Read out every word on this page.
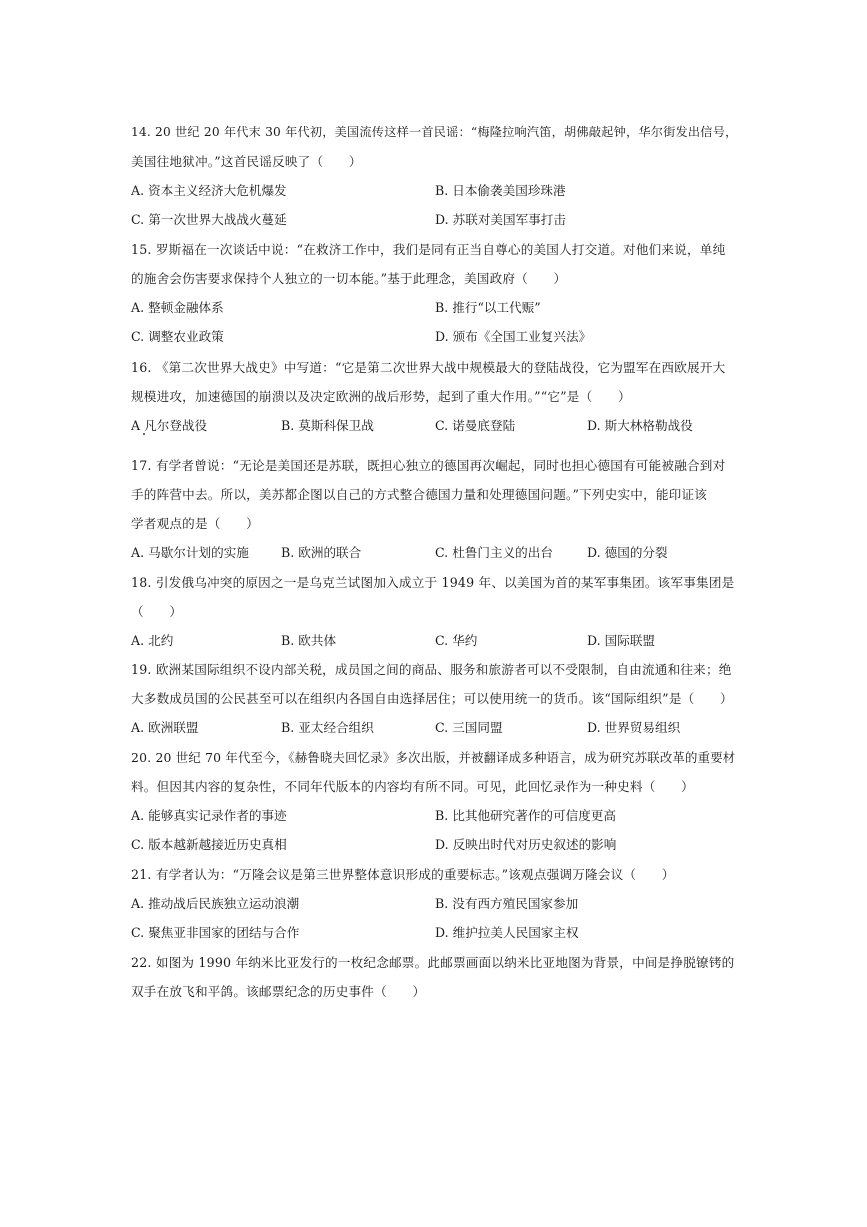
14. 20 世纪 20 年代末 30 年代初，美国流传这样一首民谣：“梅隆拉响汽笛，胡佛敲起钟，华尔街发出信号，
美国往地狱冲。”这首民谣反映了（　　）
A. 资本主义经济大危机爆发	B. 日本偷袭美国珍珠港
C. 第一次世界大战战火蔓延	D. 苏联对美国军事打击
15. 罗斯福在一次谈话中说：“在救济工作中，我们是同有正当自尊心的美国人打交道。对他们来说，单纯
的施舍会伤害要求保持个人独立的一切本能。”基于此理念，美国政府（　　）
A. 整顿金融体系	B. 推行“以工代赈”
C. 调整农业政策	D. 颁布《全国工业复兴法》
16. 《第二次世界大战史》中写道：“它是第二次世界大战中规模最大的登陆战役，它为盟军在西欧展开大
规模进攻，加速德国的崩溃以及决定欧洲的战后形势，起到了重大作用。”“它”是（　　）
A 凡尔登战役	B. 莫斯科保卫战	C. 诺曼底登陆	D. 斯大林格勒战役
17. 有学者曾说：“无论是美国还是苏联，既担心独立的德国再次崛起，同时也担心德国有可能被融合到对
手的阵营中去。所以，美苏都企图以自己的方式整合德国力量和处理德国问题。”下列史实中，能印证该
学者观点的是（　　）
A. 马歇尔计划的实施	B. 欧洲的联合	C. 杜鲁门主义的出台	D. 德国的分裂
18. 引发俄乌冲突的原因之一是乌克兰试图加入成立于 1949 年、以美国为首的某军事集团。该军事集团是
（　　）
A. 北约	B. 欧共体	C. 华约	D. 国际联盟
19. 欧洲某国际组织不设内部关税，成员国之间的商品、服务和旅游者可以不受限制，自由流通和往来；绝
大多数成员国的公民甚至可以在组织内各国自由选择居住；可以使用统一的货币。该“国际组织”是（　　）
A. 欧洲联盟	B. 亚太经合组织	C. 三国同盟	D. 世界贸易组织
20. 20 世纪 70 年代至今，《赫鲁晓夫回忆录》多次出版，并被翻译成多种语言，成为研究苏联改革的重要材
料。但因其内容的复杂性，不同年代版本的内容均有所不同。可见，此回忆录作为一种史料（　　）
A. 能够真实记录作者的事迹	B. 比其他研究著作的可信度更高
C. 版本越新越接近历史真相	D. 反映出时代对历史叙述的影响
21. 有学者认为：“万隆会议是第三世界整体意识形成的重要标志。”该观点强调万隆会议（　　）
A. 推动战后民族独立运动浪潮	B. 没有西方殖民国家参加
C. 聚焦亚非国家的团结与合作	D. 维护拉美人民国家主权
22. 如图为 1990 年纳米比亚发行的一枚纪念邮票。此邮票画面以纳米比亚地图为背景，中间是挣脱镣铐的
双手在放飞和平鸽。该邮票纪念的历史事件（　　）
